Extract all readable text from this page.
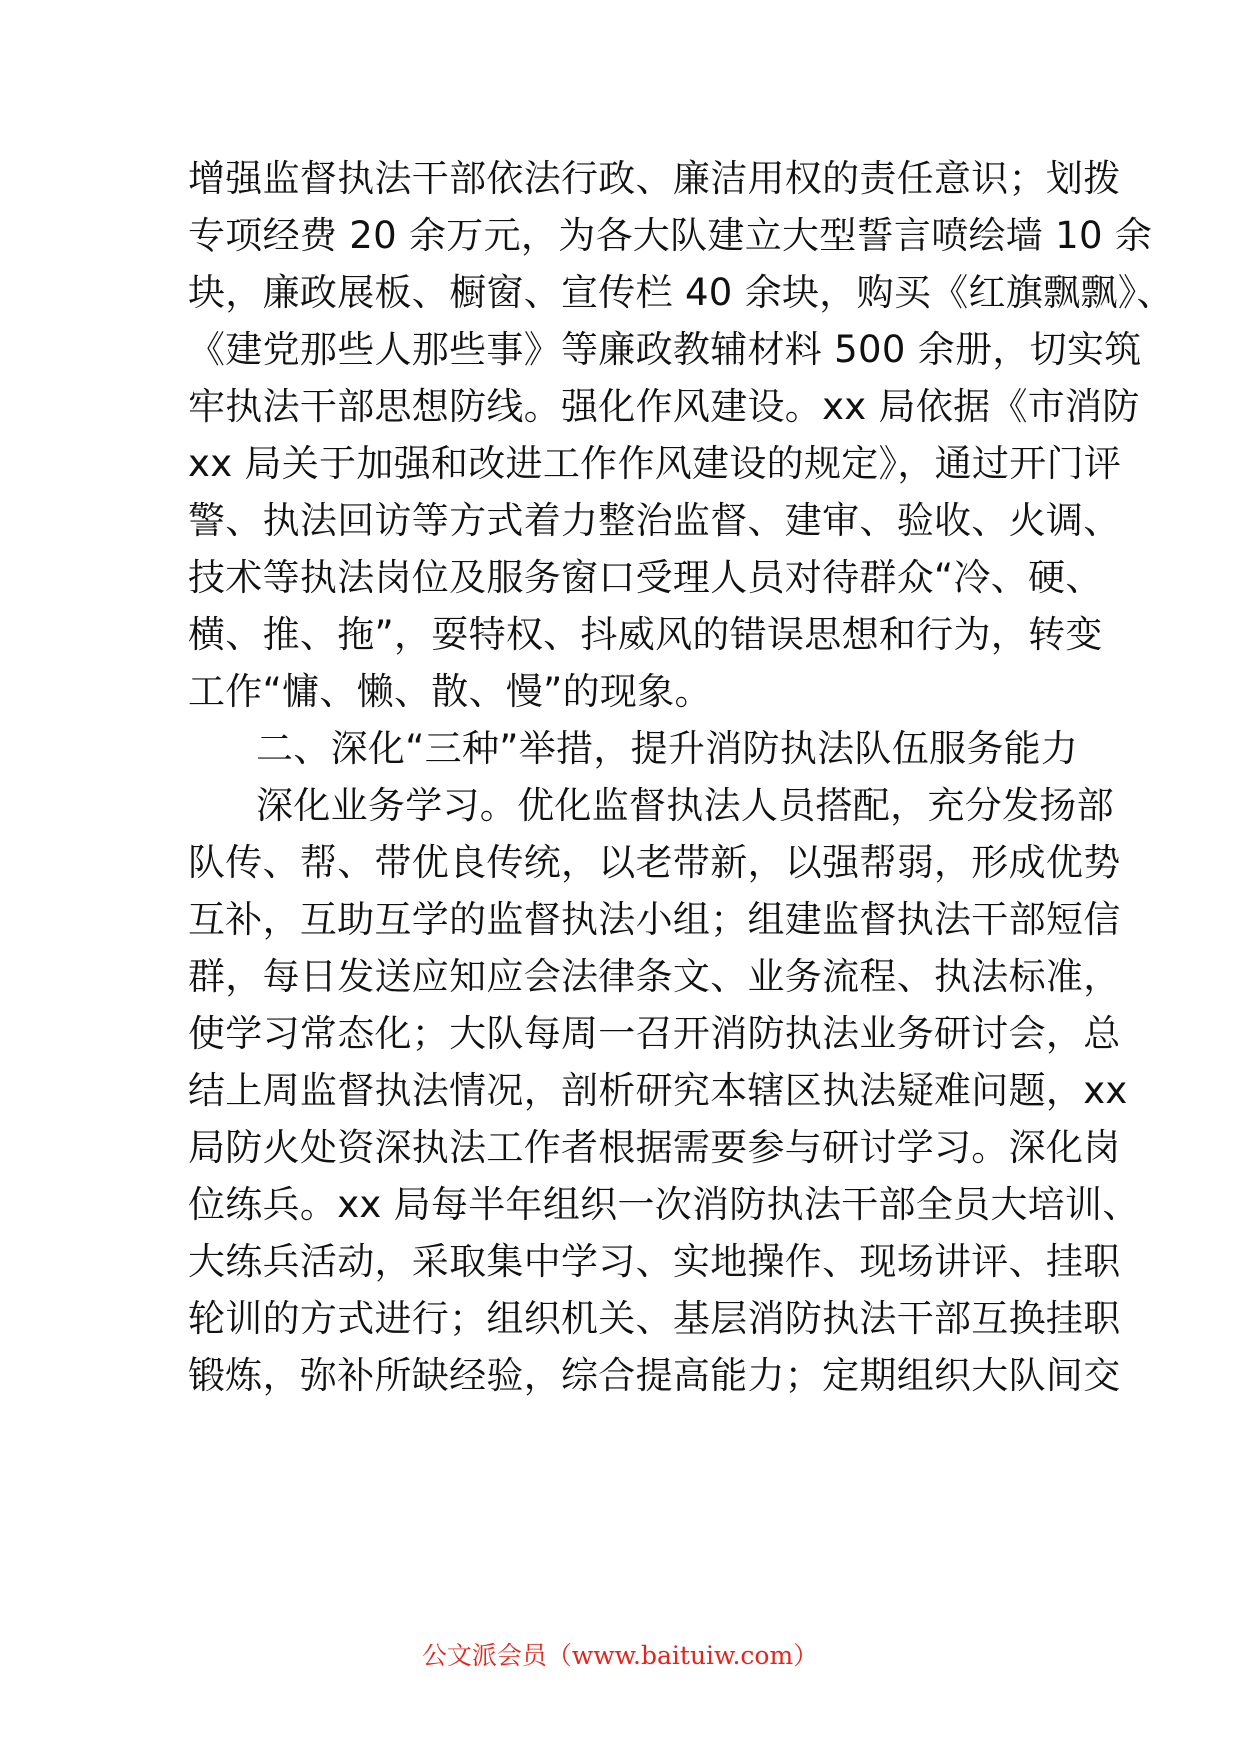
增强监督执法干部依法行政、廉洁用权的责任意识；划拨
专项经费 20 余万元，为各大队建立大型誓言喷绘墙 10 余
块，廉政展板、橱窗、宣传栏 40 余块，购买《红旗飘飘》、
《建党那些人那些事》等廉政教辅材料 500 余册，切实筑
牢执法干部思想防线。强化作风建设。xx 局依据《市消防
xx 局关于加强和改进工作作风建设的规定》，通过开门评
警、执法回访等方式着力整治监督、建审、验收、火调、
技术等执法岗位及服务窗口受理人员对待群众“冷、硬、
横、推、拖”，耍特权、抖威风的错误思想和行为，转变
工作“慵、懒、散、慢”的现象。
二、深化“三种”举措，提升消防执法队伍服务能力
深化业务学习。优化监督执法人员搭配，充分发扬部
队传、帮、带优良传统，以老带新，以强帮弱，形成优势
互补，互助互学的监督执法小组；组建监督执法干部短信
群，每日发送应知应会法律条文、业务流程、执法标准，
使学习常态化；大队每周一召开消防执法业务研讨会，总
结上周监督执法情况，剖析研究本辖区执法疑难问题，xx
局防火处资深执法工作者根据需要参与研讨学习。深化岗
位练兵。xx 局每半年组织一次消防执法干部全员大培训、
大练兵活动，采取集中学习、实地操作、现场讲评、挂职
轮训的方式进行；组织机关、基层消防执法干部互换挂职
锻炼，弥补所缺经验，综合提高能力；定期组织大队间交
公文派会员（www.baituiw.com）
